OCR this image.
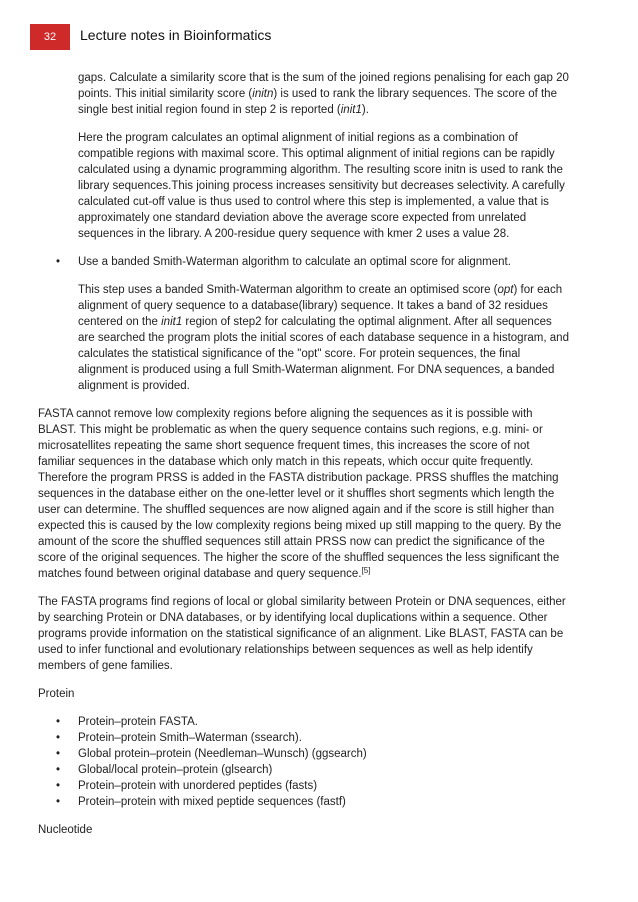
32 Lecture notes in Bioinformatics

gaps. Calculate a similarity score that is the sum of the joined regions penalising for each gap 20

points. This initial similarity score (initn) is used to rank the library sequences. The score of the

single best initial region found in step 2 is reported (init1).

Here the program calculates an optimal alignment of initial regions as a combination of

compatible regions with maximal score. This optimal alignment of initial regions can be rapidly

calculated using a dynamic programming algorithm. The resulting score initn is used to rank the

library sequences.This joining process increases sensitivity but decreases selectivity. A carefully

calculated cut-off value is thus used to control where this step is implemented, a value that is

approximately one standard deviation above the average score expected from unrelated

sequences in the library. A 200-residue query sequence with kmer 2 uses a value 28.

•	Use a banded Smith-Waterman algorithm to calculate an optimal score for alignment.

This step uses a banded Smith-Waterman algorithm to create an optimised score (opt) for each

alignment of query sequence to a database(library) sequence. It takes a band of 32 residues

centered on the init1 region of step2 for calculating the optimal alignment. After all sequences

are searched the program plots the initial scores of each database sequence in a histogram, and

calculates the statistical significance of the "opt" score. For protein sequences, the final

alignment is produced using a full Smith-Waterman alignment. For DNA sequences, a banded

alignment is provided.

FASTA cannot remove low complexity regions before aligning the sequences as it is possible with

BLAST. This might be problematic as when the query sequence contains such regions, e.g. mini- or

microsatellites repeating the same short sequence frequent times, this increases the score of not

familiar sequences in the database which only match in this repeats, which occur quite frequently.

Therefore the program PRSS is added in the FASTA distribution package. PRSS shuffles the matching

sequences in the database either on the one-letter level or it shuffles short segments which length the

user can determine. The shuffled sequences are now aligned again and if the score is still higher than

expected this is caused by the low complexity regions being mixed up still mapping to the query. By the

amount of the score the shuffled sequences still attain PRSS now can predict the significance of the

score of the original sequences. The higher the score of the shuffled sequences the less significant the

matches found between original database and query sequence.[5]

The FASTA programs find regions of local or global similarity between Protein or DNA sequences, either

by searching Protein or DNA databases, or by identifying local duplications within a sequence. Other

programs provide information on the statistical significance of an alignment. Like BLAST, FASTA can be

used to infer functional and evolutionary relationships between sequences as well as help identify

members of gene families.

Protein

•	Protein–protein FASTA.
•	Protein–protein Smith–Waterman (ssearch).
•	Global protein–protein (Needleman–Wunsch) (ggsearch)
•	Global/local protein–protein (glsearch)
•	Protein–protein with unordered peptides (fasts)
•	Protein–protein with mixed peptide sequences (fastf)

Nucleotide
